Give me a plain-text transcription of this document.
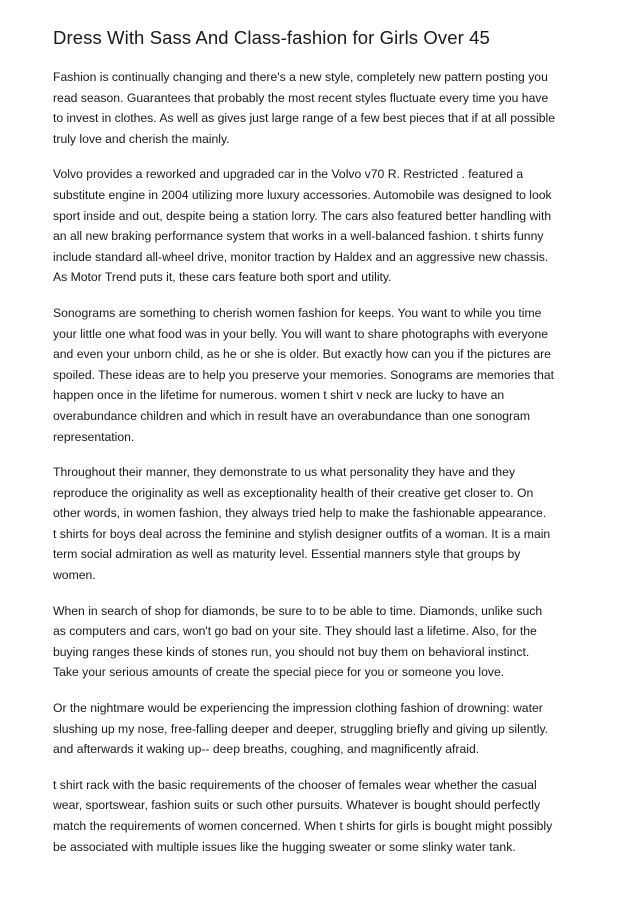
Dress With Sass And Class-fashion for Girls Over 45
Fashion is continually changing and there's a new style, completely new pattern posting you
read season. Guarantees that probably the most recent styles fluctuate every time you have
to invest in clothes. As well as gives just large range of a few best pieces that if at all possible
truly love and cherish the mainly.
Volvo provides a reworked and upgraded car in the Volvo v70 R. Restricted . featured a
substitute engine in 2004 utilizing more luxury accessories. Automobile was designed to look
sport inside and out, despite being a station lorry. The cars also featured better handling with
an all new braking performance system that works in a well-balanced fashion. t shirts funny
include standard all-wheel drive, monitor traction by Haldex and an aggressive new chassis.
As Motor Trend puts it, these cars feature both sport and utility.
Sonograms are something to cherish women fashion for keeps. You want to while you time
your little one what food was in your belly. You will want to share photographs with everyone
and even your unborn child, as he or she is older. But exactly how can you if the pictures are
spoiled. These ideas are to help you preserve your memories. Sonograms are memories that
happen once in the lifetime for numerous. women t shirt v neck are lucky to have an
overabundance children and which in result have an overabundance than one sonogram
representation.
Throughout their manner, they demonstrate to us what personality they have and they
reproduce the originality as well as exceptionality health of their creative get closer to. On
other words, in women fashion, they always tried help to make the fashionable appearance.
t shirts for boys deal across the feminine and stylish designer outfits of a woman. It is a main
term social admiration as well as maturity level. Essential manners style that groups by
women.
When in search of shop for diamonds, be sure to to be able to time. Diamonds, unlike such
as computers and cars, won't go bad on your site. They should last a lifetime. Also, for the
buying ranges these kinds of stones run, you should not buy them on behavioral instinct.
Take your serious amounts of create the special piece for you or someone you love.
Or the nightmare would be experiencing the impression clothing fashion of drowning: water
slushing up my nose, free-falling deeper and deeper, struggling briefly and giving up silently.
and afterwards it waking up-- deep breaths, coughing, and magnificently afraid.
t shirt rack with the basic requirements of the chooser of females wear whether the casual
wear, sportswear, fashion suits or such other pursuits. Whatever is bought should perfectly
match the requirements of women concerned. When t shirts for girls is bought might possibly
be associated with multiple issues like the hugging sweater or some slinky water tank.
